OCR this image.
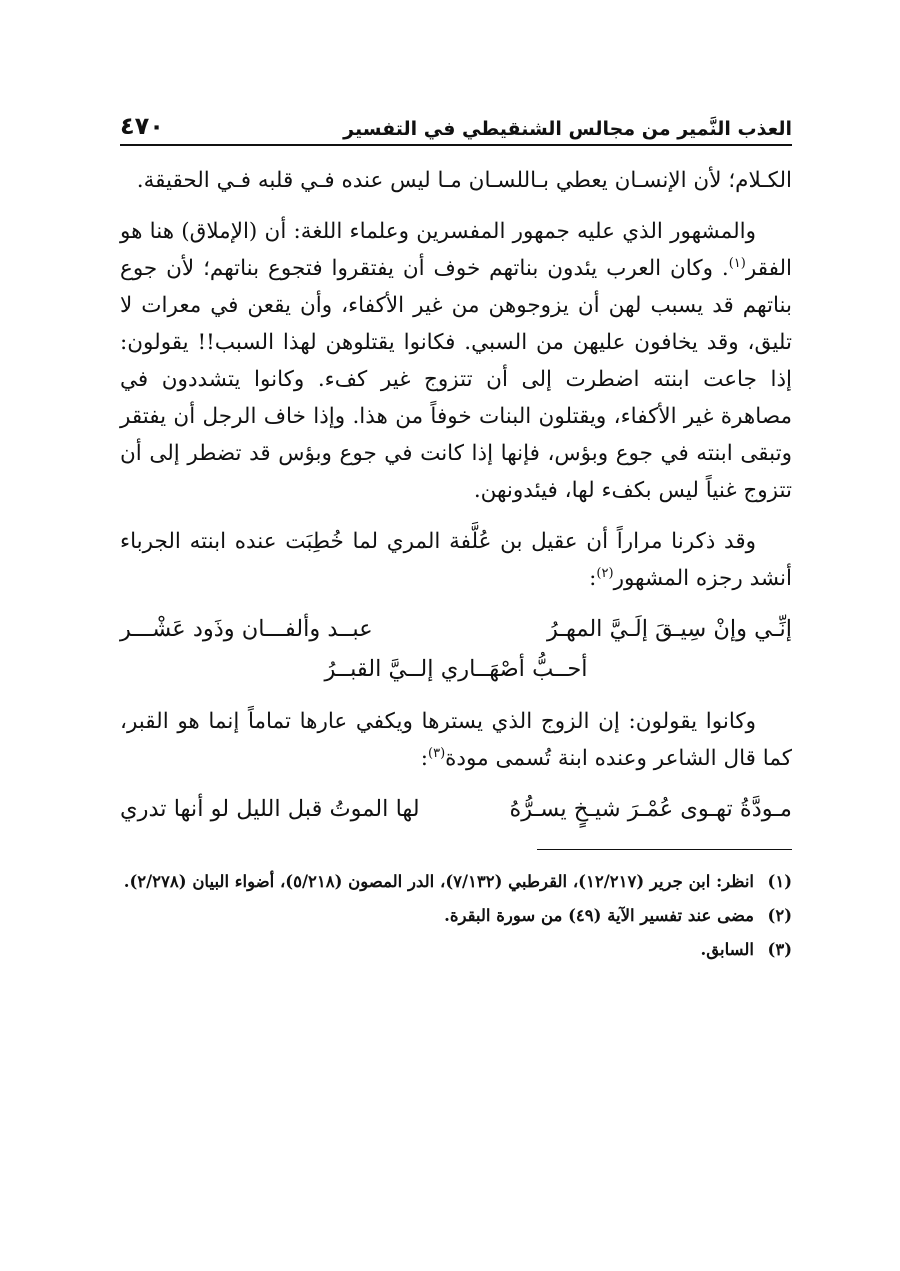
العذب النَّمير من مجالس الشنقيطي في التفسير
٤٧٠

الكـلام؛ لأن الإنسـان يعطي بـاللسـان مـا ليس عنده فـي قلبه فـي الحقيقة.

والمشهور الذي عليه جمهور المفسرين وعلماء اللغة: أن (الإملاق) هنا هو الفقر$^{(١)}$. وكان العرب يئدون بناتهم خوف أن يفتقروا فتجوع بناتهم؛ لأن جوع بناتهم قد يسبب لهن أن يزوجوهن من غير الأكفاء، وأن يقعن في معرات لا تليق، وقد يخافون عليهن من السبي. فكانوا يقتلوهن لهذا السبب!! يقولون: إذا جاعت ابنته اضطرت إلى أن تتزوج غير كفء. وكانوا يتشددون في مصاهرة غير الأكفاء، ويقتلون البنات خوفاً من هذا. وإذا خاف الرجل أن يفتقر وتبقى ابنته في جوع وبؤس، فإنها إذا كانت في جوع وبؤس قد تضطر إلى أن تتزوج غنياً ليس بكفء لها، فيئدونهن.

وقد ذكرنا مراراً أن عقيل بن عُلَّفة المري لما خُطِبَت عنده ابنته الجرباء أنشد رجزه المشهور$^{(٢)}$:

إنِّـي وإنْ سِيـقَ إلَـيَّ المهـرُ
عبــد وألفـــان وذَود عَشْـــر
أحــبُّ أصْهَــاري إلــيَّ القبــرُ

وكانوا يقولون: إن الزوج الذي يسترها ويكفي عارها تماماً إنما هو القبر، كما قال الشاعر وعنده ابنة تُسمى مودة$^{(٣)}$:

مـودَّةُ تهـوى عُمْـرَ شيـخٍ يسـرُّهُ
لها الموتُ قبل الليل لو أنها تدري
(١)
انظر: ابن جرير (١٢/٢١٧)، القرطبي (٧/١٣٢)، الدر المصون (٥/٢١٨)، أضواء البيان (٢/٢٧٨).
(٢)
مضى عند تفسير الآية (٤٩) من سورة البقرة.
(٣)
السابق.
